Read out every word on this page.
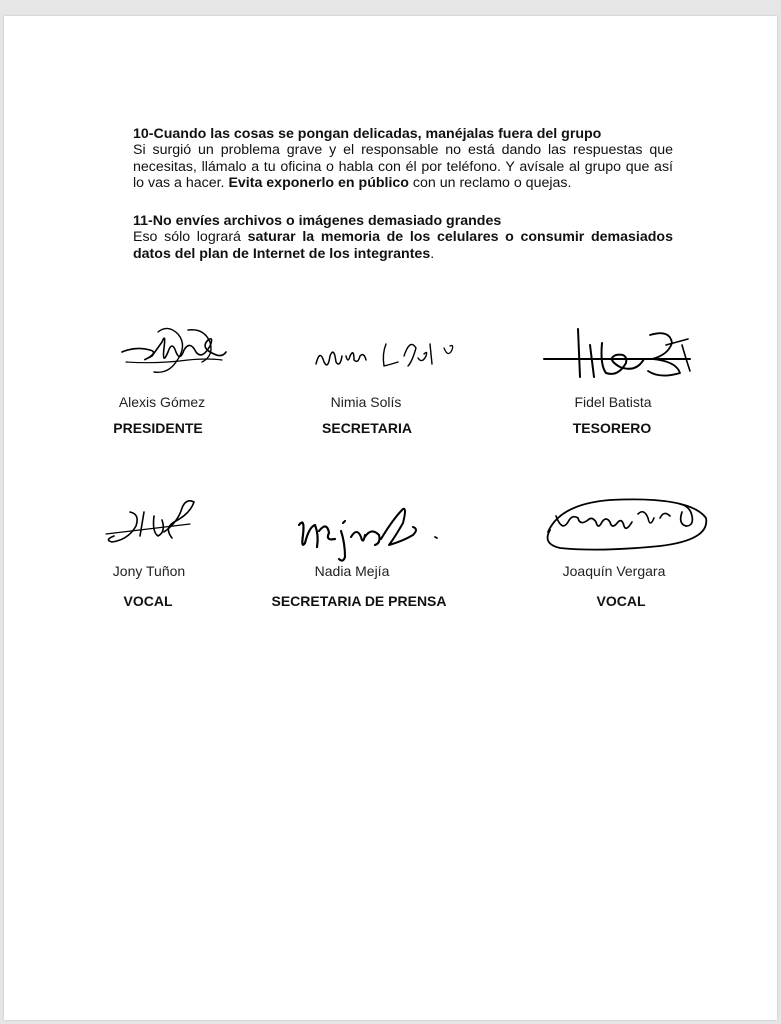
10-Cuando las cosas se pongan delicadas, manéjalas fuera del grupo

Si surgió un problema grave y el responsable no está dando las respuestas que necesitas, llámalo a tu oficina o habla con él por teléfono. Y avísale al grupo que así lo vas a hacer. Evita exponerlo en público con un reclamo o quejas.

11-No envíes archivos o imágenes demasiado grandes

Eso sólo logrará saturar la memoria de los celulares o consumir demasiados datos del plan de Internet de los integrantes.

Alexis Gómez	Nimia Solís	Fidel Batista
PRESIDENTE	SECRETARIA	TESORERO
Jony Tuñon	Nadia Mejía	Joaquín Vergara
VOCAL	SECRETARIA DE PRENSA	VOCAL
